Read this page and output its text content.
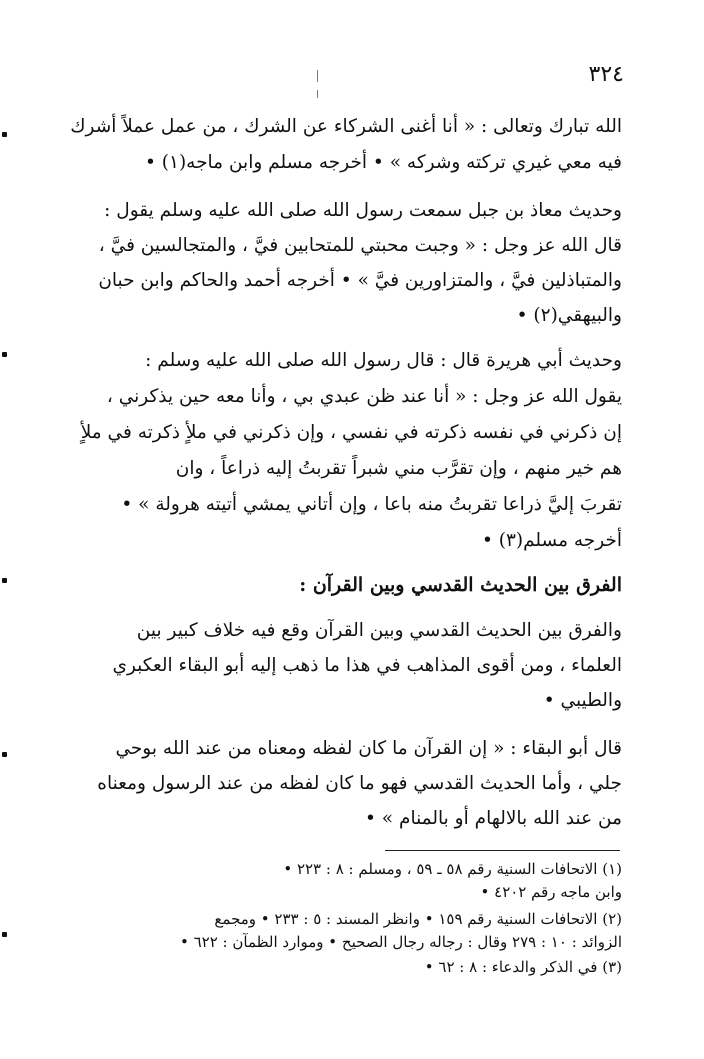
٣٢٤
الله تبارك وتعالى : « أنا أغنى الشركاء عن الشرك ، من عمل عملاً أشرك
فيه معي غيري تركته وشركه » • أخرجه مسلم وابن ماجه(١) •
وحديث معاذ بن جبل سمعت رسول الله صلى الله عليه وسلم يقول :
قال الله عز وجل : « وجبت محبتي للمتحابين فيَّ ، والمتجالسين فيَّ ،
والمتباذلين فيَّ ، والمتزاورين فيَّ » • أخرجه أحمد والحاكم وابن حبان
والبيهقي(٢) •
وحديث أبي هريرة قال : قال رسول الله صلى الله عليه وسلم :
يقول الله عز وجل : « أنا عند ظن عبدي بي ، وأنا معه حين يذكرني ،
إن ذكرني في نفسه ذكرته في نفسي ، وإن ذكرني في ملأٍ ذكرته في ملأٍ
هم خير منهم ، وإن تقرَّب مني شبراً تقربتُ إليه ذراعاً ، وان
تقربَ إليَّ ذراعا تقربتُ منه باعا ، وإن أتاني يمشي أتيته هرولة » •
أخرجه مسلم(٣) •
الفرق بين الحديث القدسي وبين القرآن :
والفرق بين الحديث القدسي وبين القرآن وقع فيه خلاف كبير بين
العلماء ، ومن أقوى المذاهب في هذا ما ذهب إليه أبو البقاء العكبري
والطيبي •
قال أبو البقاء : « إن القرآن ما كان لفظه ومعناه من عند الله بوحي
جلي ، وأما الحديث القدسي فهو ما كان لفظه من عند الرسول ومعناه
من عند الله بالالهام أو بالمنام » •
(١) الاتحافات السنية رقم ٥٨ ـ ٥٩ ، ومسلم : ٨ : ٢٢٣ •
وابن ماجه رقم ٤٢٠٢ •
(٢) الاتحافات السنية رقم ١٥٩ • وانظر المسند : ٥ : ٢٣٣ • ومجمع
الزوائد : ١٠ : ٢٧٩ وقال : رجاله رجال الصحيح • وموارد الظمآن : ٦٢٢ •
(٣) في الذكر والدعاء : ٨ : ٦٢ •
